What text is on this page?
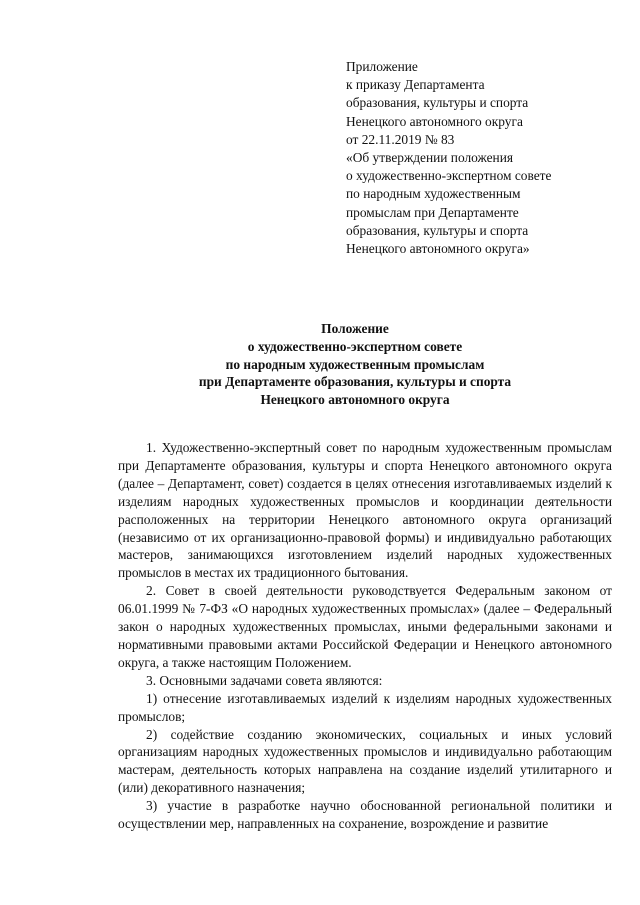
Приложение
к приказу Департамента
образования, культуры и спорта
Ненецкого автономного округа
от 22.11.2019 № 83
«Об утверждении положения
о художественно-экспертном совете
по народным художественным
промыслам при Департаменте
образования, культуры и спорта
Ненецкого автономного округа»
Положение
о художественно-экспертном совете
по народным художественным промыслам
при Департаменте образования, культуры и спорта
Ненецкого автономного округа

1. Художественно-экспертный совет по народным художественным промыслам при Департаменте образования, культуры и спорта Ненецкого автономного округа (далее – Департамент, совет) создается в целях отнесения изготавливаемых изделий к изделиям народных художественных промыслов и координации деятельности расположенных на территории Ненецкого автономного округа организаций (независимо от их организационно-правовой формы) и индивидуально работающих мастеров, занимающихся изготовлением изделий народных художественных промыслов в местах их традиционного бытования.

2. Совет в своей деятельности руководствуется Федеральным законом от 06.01.1999 № 7-ФЗ «О народных художественных промыслах» (далее – Федеральный закон о народных художественных промыслах, иными федеральными законами и нормативными правовыми актами Российской Федерации и Ненецкого автономного округа, а также настоящим Положением.

3. Основными задачами совета являются:

1) отнесение изготавливаемых изделий к изделиям народных художественных промыслов;

2) содействие созданию экономических, социальных и иных условий организациям народных художественных промыслов и индивидуально работающим мастерам, деятельность которых направлена на создание изделий утилитарного и (или) декоративного назначения;

3) участие в разработке научно обоснованной региональной политики и осуществлении мер, направленных на сохранение, возрождение и развитие
